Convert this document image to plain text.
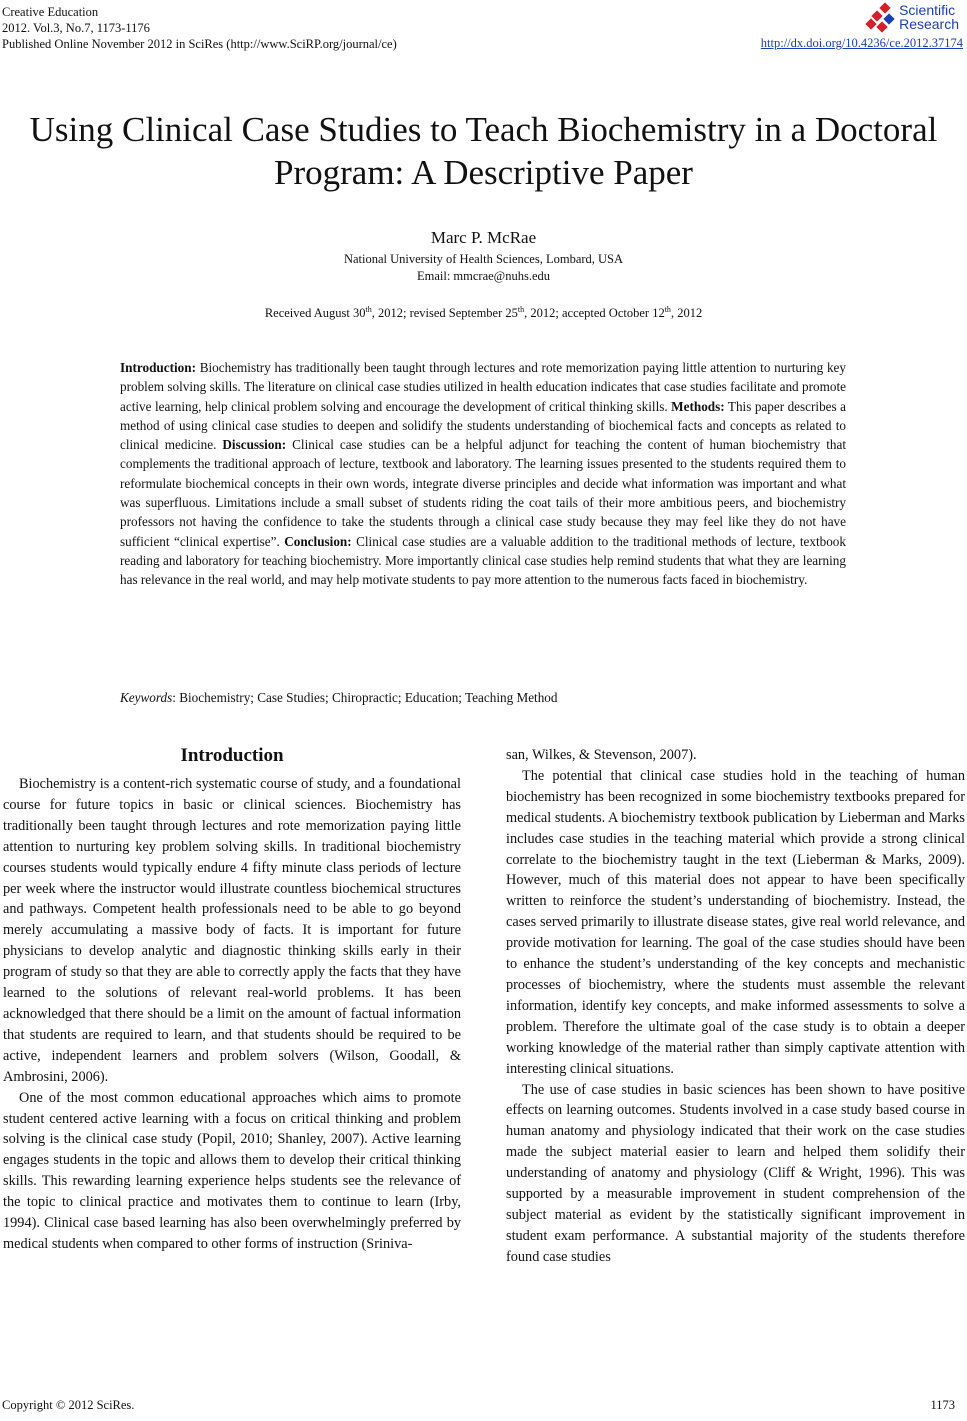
Creative Education
2012. Vol.3, No.7, 1173-1176
Published Online November 2012 in SciRes (http://www.SciRP.org/journal/ce)
Scientific
Research
http://dx.doi.org/10.4236/ce.2012.37174
Using Clinical Case Studies to Teach Biochemistry in a Doctoral Program: A Descriptive Paper
Marc P. McRae
National University of Health Sciences, Lombard, USA
Email: mmcrae@nuhs.edu
Received August 30th, 2012; revised September 25th, 2012; accepted October 12th, 2012
Introduction: Biochemistry has traditionally been taught through lectures and rote memorization paying little attention to nurturing key problem solving skills. The literature on clinical case studies utilized in health education indicates that case studies facilitate and promote active learning, help clinical problem solving and encourage the development of critical thinking skills. Methods: This paper describes a method of using clinical case studies to deepen and solidify the students understanding of biochemical facts and concepts as related to clinical medicine. Discussion: Clinical case studies can be a helpful adjunct for teaching the content of human biochemistry that complements the traditional approach of lecture, textbook and laboratory. The learning issues presented to the students required them to reformulate biochemical concepts in their own words, integrate diverse principles and decide what information was important and what was superfluous. Limitations include a small subset of students riding the coat tails of their more ambitious peers, and biochemistry professors not having the confidence to take the students through a clinical case study because they may feel like they do not have sufficient “clinical expertise”. Conclusion: Clinical case studies are a valuable addition to the traditional methods of lecture, textbook reading and laboratory for teaching biochemistry. More importantly clinical case studies help remind students that what they are learning has relevance in the real world, and may help motivate students to pay more attention to the numerous facts faced in biochemistry.
Keywords: Biochemistry; Case Studies; Chiropractic; Education; Teaching Method
Introduction

Biochemistry is a content-rich systematic course of study, and a foundational course for future topics in basic or clinical sciences. Biochemistry has traditionally been taught through lectures and rote memorization paying little attention to nurturing key problem solving skills. In traditional biochemistry courses students would typically endure 4 fifty minute class periods of lecture per week where the instructor would illustrate countless biochemical structures and pathways. Competent health professionals need to be able to go beyond merely accumulating a massive body of facts. It is important for future physicians to develop analytic and diagnostic thinking skills early in their program of study so that they are able to correctly apply the facts that they have learned to the solutions of relevant real-world problems. It has been acknowledged that there should be a limit on the amount of factual information that students are required to learn, and that students should be required to be active, independent learners and problem solvers (Wilson, Goodall, & Ambrosini, 2006).

One of the most common educational approaches which aims to promote student centered active learning with a focus on critical thinking and problem solving is the clinical case study (Popil, 2010; Shanley, 2007). Active learning engages students in the topic and allows them to develop their critical thinking skills. This rewarding learning experience helps students see the relevance of the topic to clinical practice and motivates them to continue to learn (Irby, 1994). Clinical case based learning has also been overwhelmingly preferred by medical students when compared to other forms of instruction (Sriniva-

san, Wilkes, & Stevenson, 2007).

The potential that clinical case studies hold in the teaching of human biochemistry has been recognized in some biochemistry textbooks prepared for medical students. A biochemistry textbook publication by Lieberman and Marks includes case studies in the teaching material which provide a strong clinical correlate to the biochemistry taught in the text (Lieberman & Marks, 2009). However, much of this material does not appear to have been specifically written to reinforce the student’s understanding of biochemistry. Instead, the cases served primarily to illustrate disease states, give real world relevance, and provide motivation for learning. The goal of the case studies should have been to enhance the student’s understanding of the key concepts and mechanistic processes of biochemistry, where the students must assemble the relevant information, identify key concepts, and make informed assessments to solve a problem. Therefore the ultimate goal of the case study is to obtain a deeper working knowledge of the material rather than simply captivate attention with interesting clinical situations.

The use of case studies in basic sciences has been shown to have positive effects on learning outcomes. Students involved in a case study based course in human anatomy and physiology indicated that their work on the case studies made the subject material easier to learn and helped them solidify their understanding of anatomy and physiology (Cliff & Wright, 1996). This was supported by a measurable improvement in student comprehension of the subject material as evident by the statistically significant improvement in student exam performance. A substantial majority of the students therefore found case studies

Copyright © 2012 SciRes.	1173
